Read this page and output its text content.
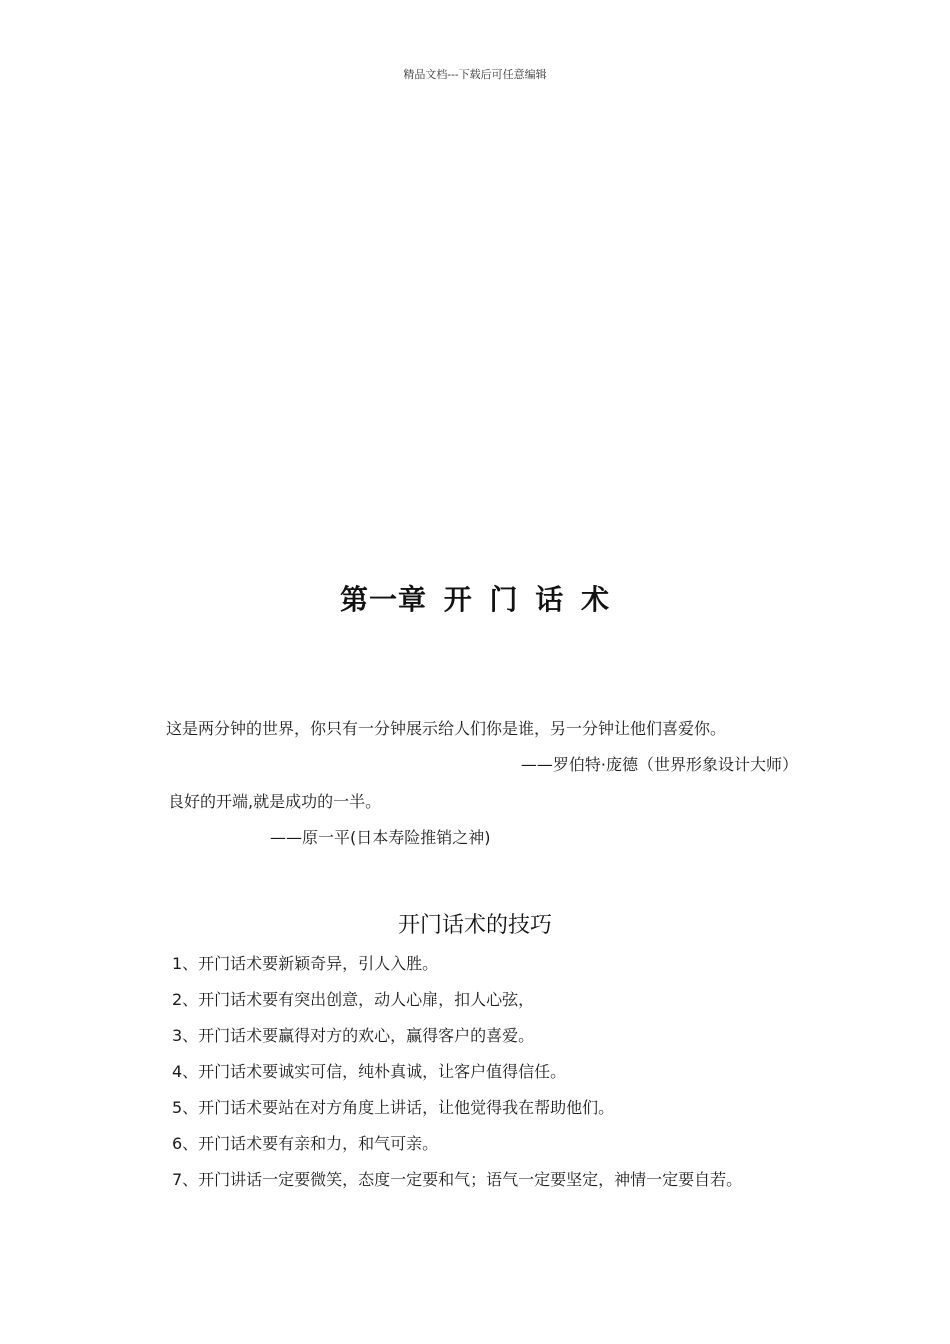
精品文档---下载后可任意编辑
第一章 开 门 话 术
这是两分钟的世界，你只有一分钟展示给人们你是谁，另一分钟让他们喜爱你。
——罗伯特·庞德（世界形象设计大师）
良好的开端,就是成功的一半。
——原一平(日本寿险推销之神)
开门话术的技巧
1、开门话术要新颖奇异，引人入胜。
2、开门话术要有突出创意，动人心扉，扣人心弦，
3、开门话术要赢得对方的欢心，赢得客户的喜爱。
4、开门话术要诚实可信，纯朴真诚，让客户值得信任。
5、开门话术要站在对方角度上讲话，让他觉得我在帮助他们。
6、开门话术要有亲和力，和气可亲。
7、开门讲话一定要微笑，态度一定要和气；语气一定要坚定，神情一定要自若。
